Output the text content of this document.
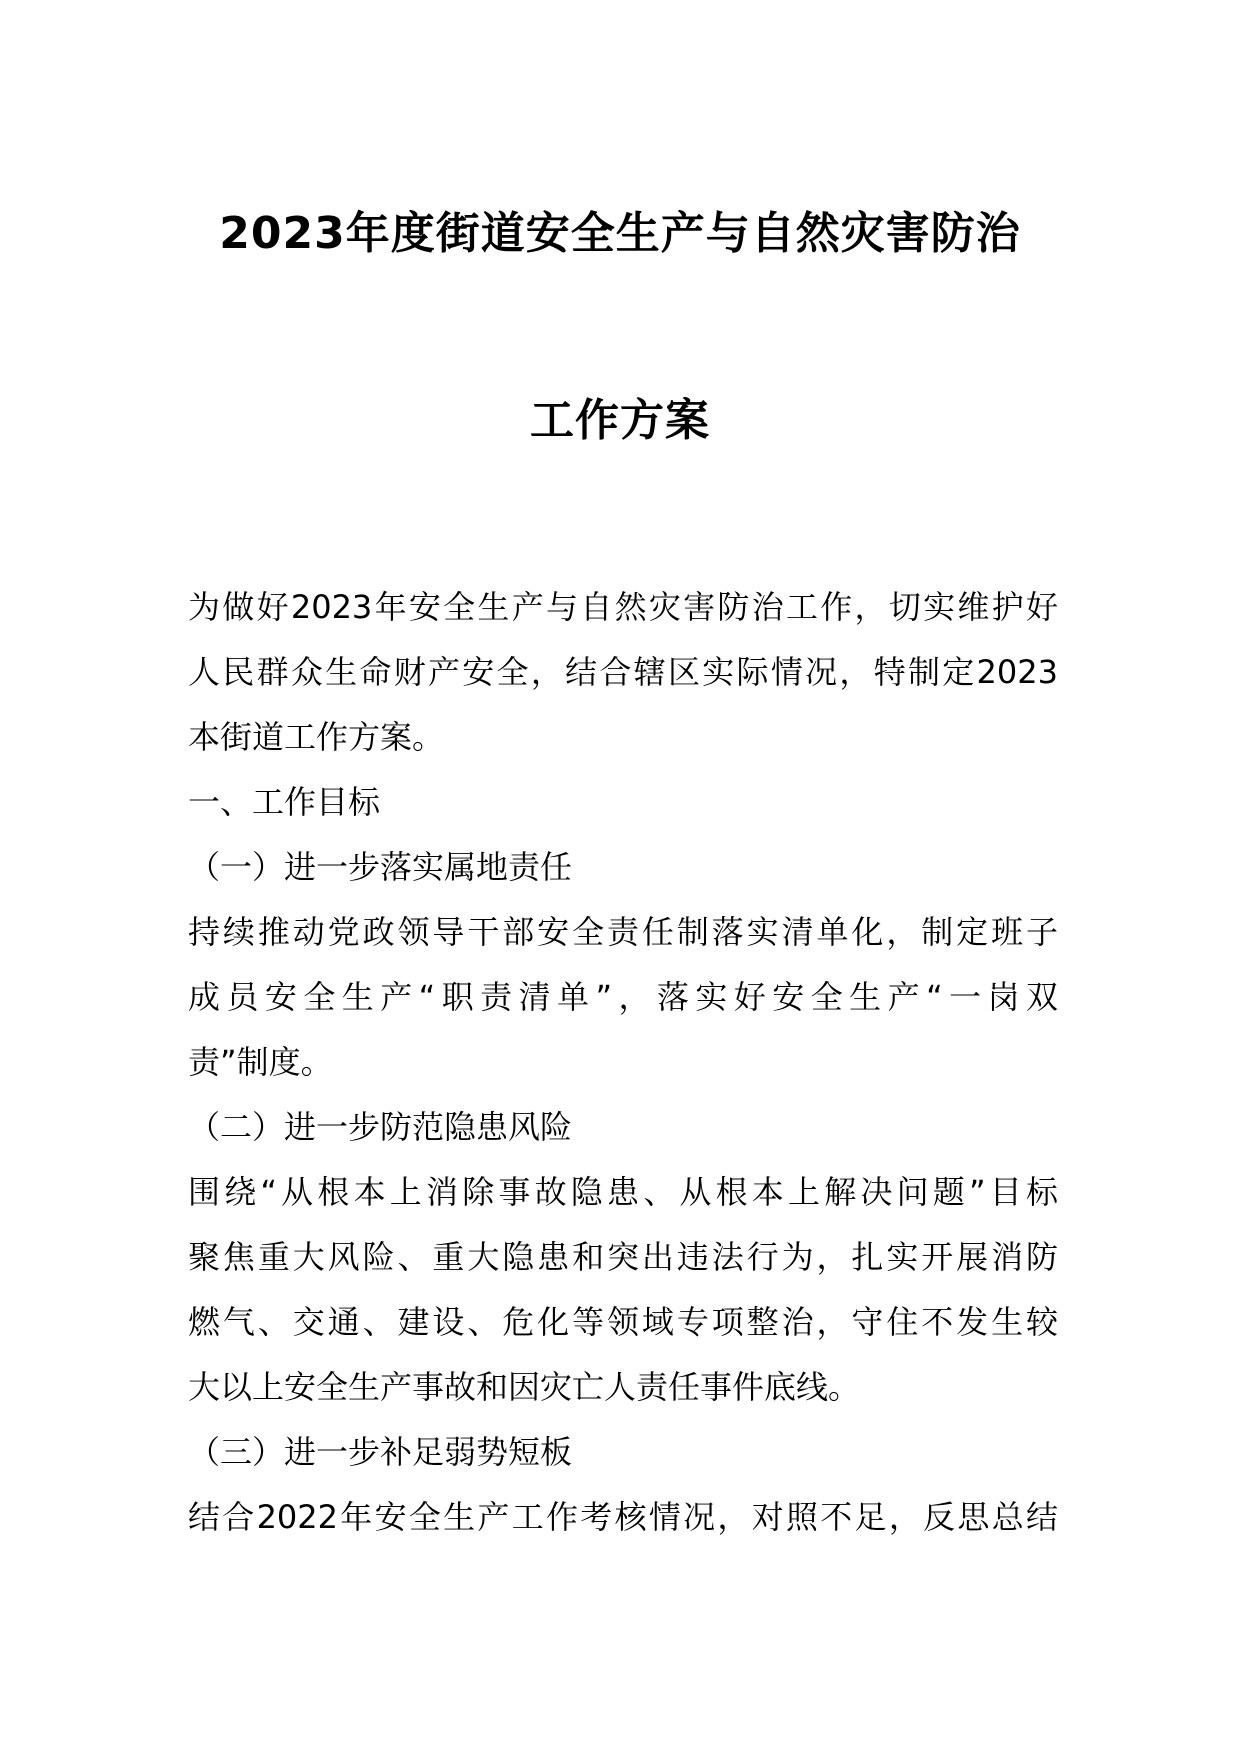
2023年度街道安全生产与自然灾害防治
工作方案
为做好2023年安全生产与自然灾害防治工作，切实维护好
人民群众生命财产安全，结合辖区实际情况，特制定2023
本街道工作方案。
一、工作目标
（一）进一步落实属地责任
持续推动党政领导干部安全责任制落实清单化，制定班子
成员安全生产“职责清单”，落实好安全生产“一岗双
责”制度。
（二）进一步防范隐患风险
围绕“从根本上消除事故隐患、从根本上解决问题”目标
聚焦重大风险、重大隐患和突出违法行为，扎实开展消防
燃气、交通、建设、危化等领域专项整治，守住不发生较
大以上安全生产事故和因灾亡人责任事件底线。
（三）进一步补足弱势短板
结合2022年安全生产工作考核情况，对照不足，反思总结
